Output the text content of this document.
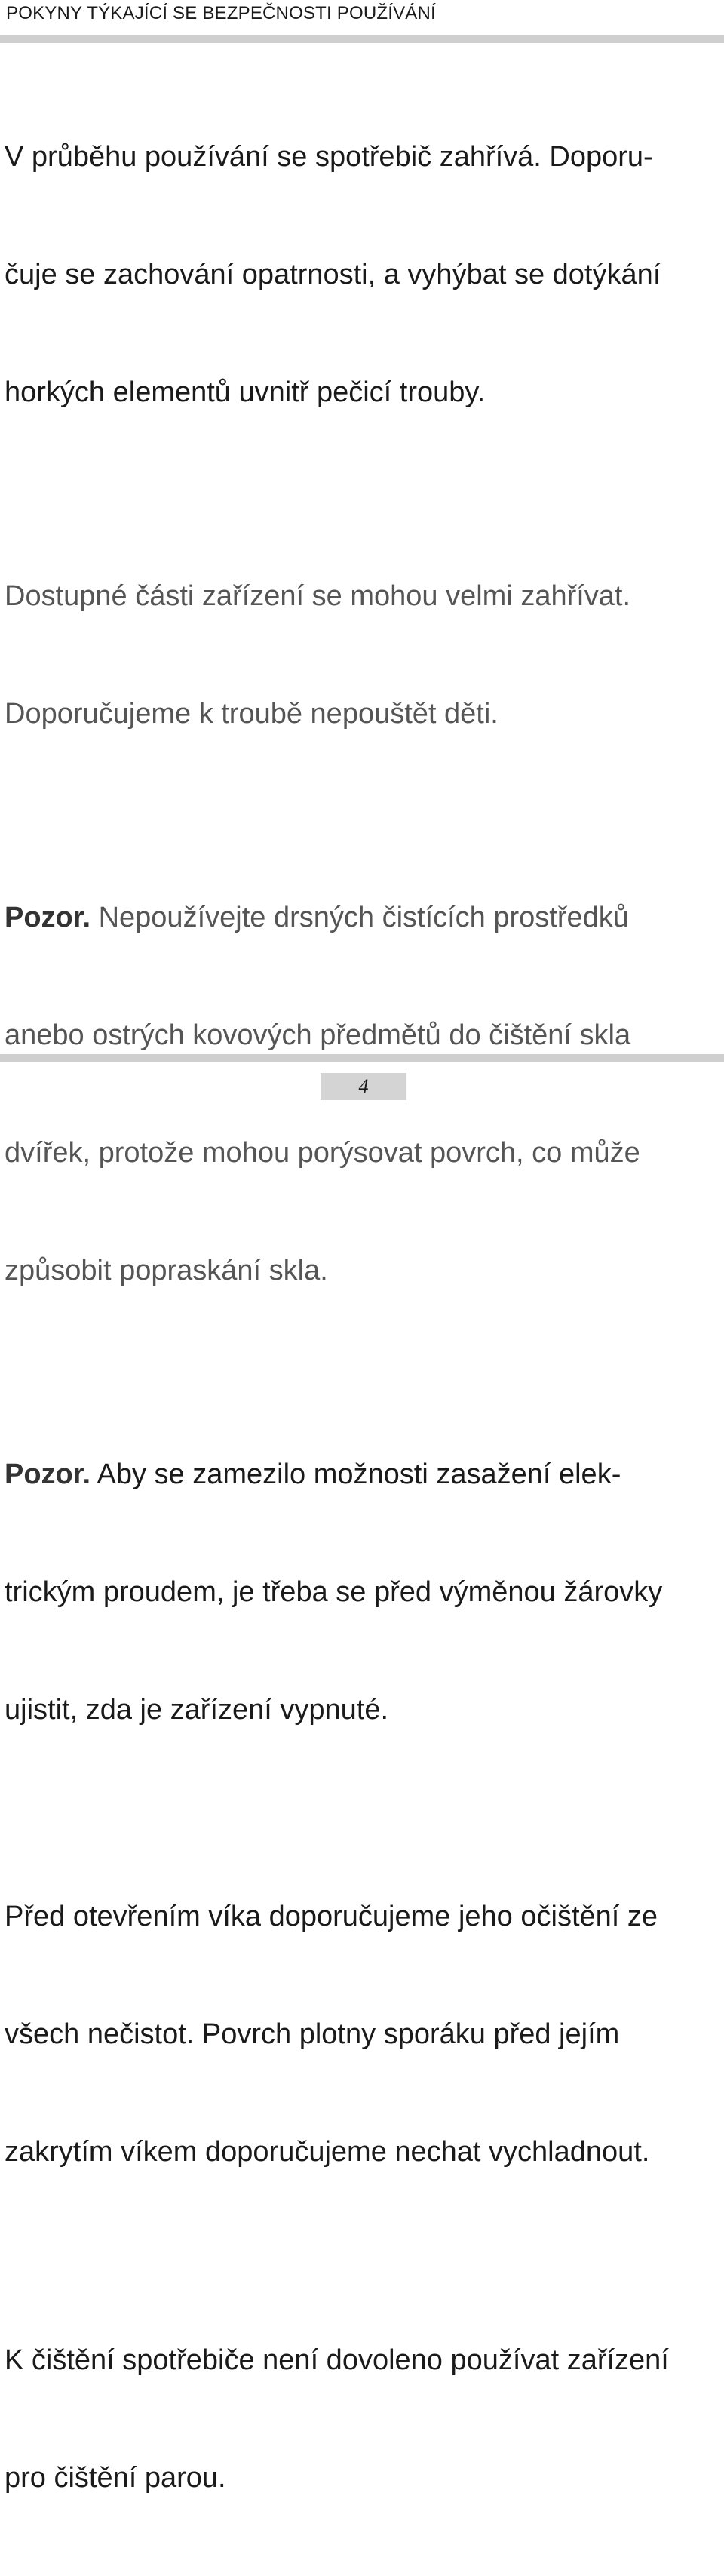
POKYNY TÝKAJÍCÍ SE BEZPEČNOSTI POUŽÍVÁNÍ

V průběhu používání se spotřebič zahřívá. Doporu-

čuje se zachování opatrnosti, a vyhýbat se dotýkání

horkých elementů uvnitř pečicí trouby.

Dostupné části zařízení se mohou velmi zahřívat.

Doporučujeme k troubě nepouštět děti.

Pozor. Nepoužívejte drsných čistících prostředků

anebo ostrých kovových předmětů do čištění skla

dvířek, protože mohou porýsovat povrch, co může

způsobit popraskání skla.

Pozor. Aby se zamezilo možnosti zasažení elek-

trickým proudem, je třeba se před výměnou žárovky

ujistit, zda je zařízení vypnuté.

Před otevřením víka doporučujeme jeho očištění ze

všech nečistot. Povrch plotny sporáku před jejím

zakrytím víkem doporučujeme nechat vychladnout.

K čištění spotřebiče není dovoleno používat zařízení

pro čištění parou.

4
